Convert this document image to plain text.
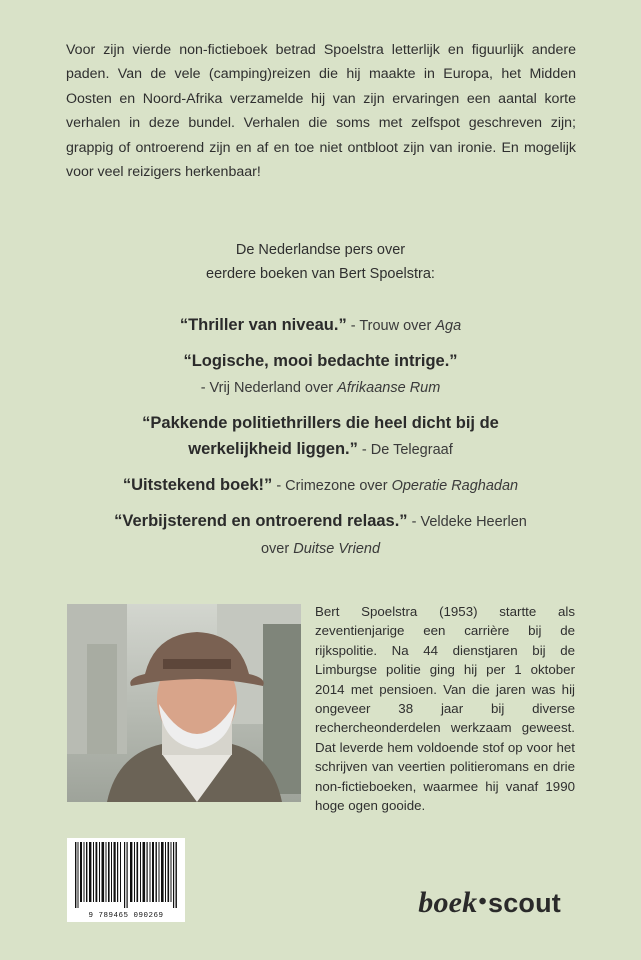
Voor zijn vierde non-fictieboek betrad Spoelstra letterlijk en figuurlijk andere paden. Van de vele (camping)reizen die hij maakte in Europa, het Midden Oosten en Noord-Afrika verzamelde hij van zijn ervaringen een aantal korte verhalen in deze bundel. Verhalen die soms met zelfspot geschreven zijn; grappig of ontroerend zijn en af en toe niet ontbloot zijn van ironie. En mogelijk voor veel reizigers herkenbaar!

De Nederlandse pers over
eerdere boeken van Bert Spoelstra:
“Thriller van niveau.” - Trouw over Aga
“Logische, mooi bedachte intrige.”
- Vrij Nederland over Afrikaanse Rum
“Pakkende politiethrillers die heel dicht bij de
werkelijkheid liggen.” - De Telegraaf
“Uitstekend boek!” - Crimezone over Operatie Raghadan
“Verbijsterend en ontroerend relaas.” - Veldeke Heerlen
over Duitse Vriend

Bert Spoelstra (1953) startte als zeventienjarige een carrière bij de rijkspolitie. Na 44 dienstjaren bij de Limburgse politie ging hij per 1 oktober 2014 met pensioen. Van die jaren was hij ongeveer 38 jaar bij diverse rechercheonderdelen werkzaam geweest. Dat leverde hem voldoende stof op voor het schrijven van veertien politieromans en drie non-fictieboeken, waarmee hij vanaf 1990 hoge ogen gooide.

9 789465 090269	boek•scout
